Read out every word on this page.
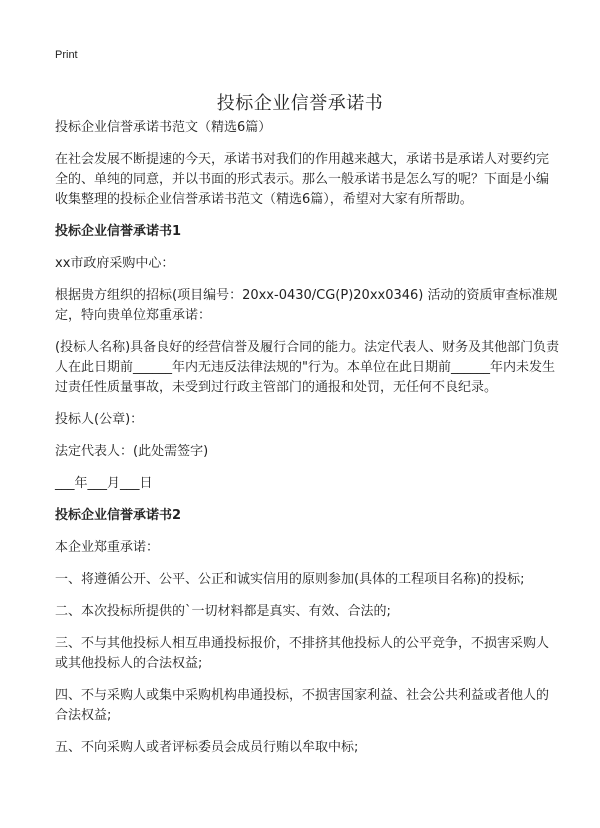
Print
投标企业信誉承诺书

投标企业信誉承诺书范文（精选6篇）

在社会发展不断提速的今天，承诺书对我们的作用越来越大，承诺书是承诺人对要约完全的、单纯的同意，并以书面的形式表示。那么一般承诺书是怎么写的呢？下面是小编收集整理的投标企业信誉承诺书范文（精选6篇），希望对大家有所帮助。

投标企业信誉承诺书1

xx市政府采购中心：

根据贵方组织的招标(项目编号：20xx-0430/CG(P)20xx0346) 活动的资质审查标准规定，特向贵单位郑重承诺：

(投标人名称)具备良好的经营信誉及履行合同的能力。法定代表人、财务及其他部门负责人在此日期前______年内无违反法律法规的"行为。本单位在此日期前______年内未发生过责任性质量事故，未受到过行政主管部门的通报和处罚，无任何不良纪录。

投标人(公章)：

法定代表人：(此处需签字)

___年___月___日

投标企业信誉承诺书2

本企业郑重承诺：

一、将遵循公开、公平、公正和诚实信用的原则参加(具体的工程项目名称)的投标;

二、本次投标所提供的`一切材料都是真实、有效、合法的;

三、不与其他投标人相互串通投标报价，不排挤其他投标人的公平竞争，不损害采购人或其他投标人的合法权益;

四、不与采购人或集中采购机构串通投标，不损害国家利益、社会公共利益或者他人的合法权益;

五、不向采购人或者评标委员会成员行贿以牟取中标;
